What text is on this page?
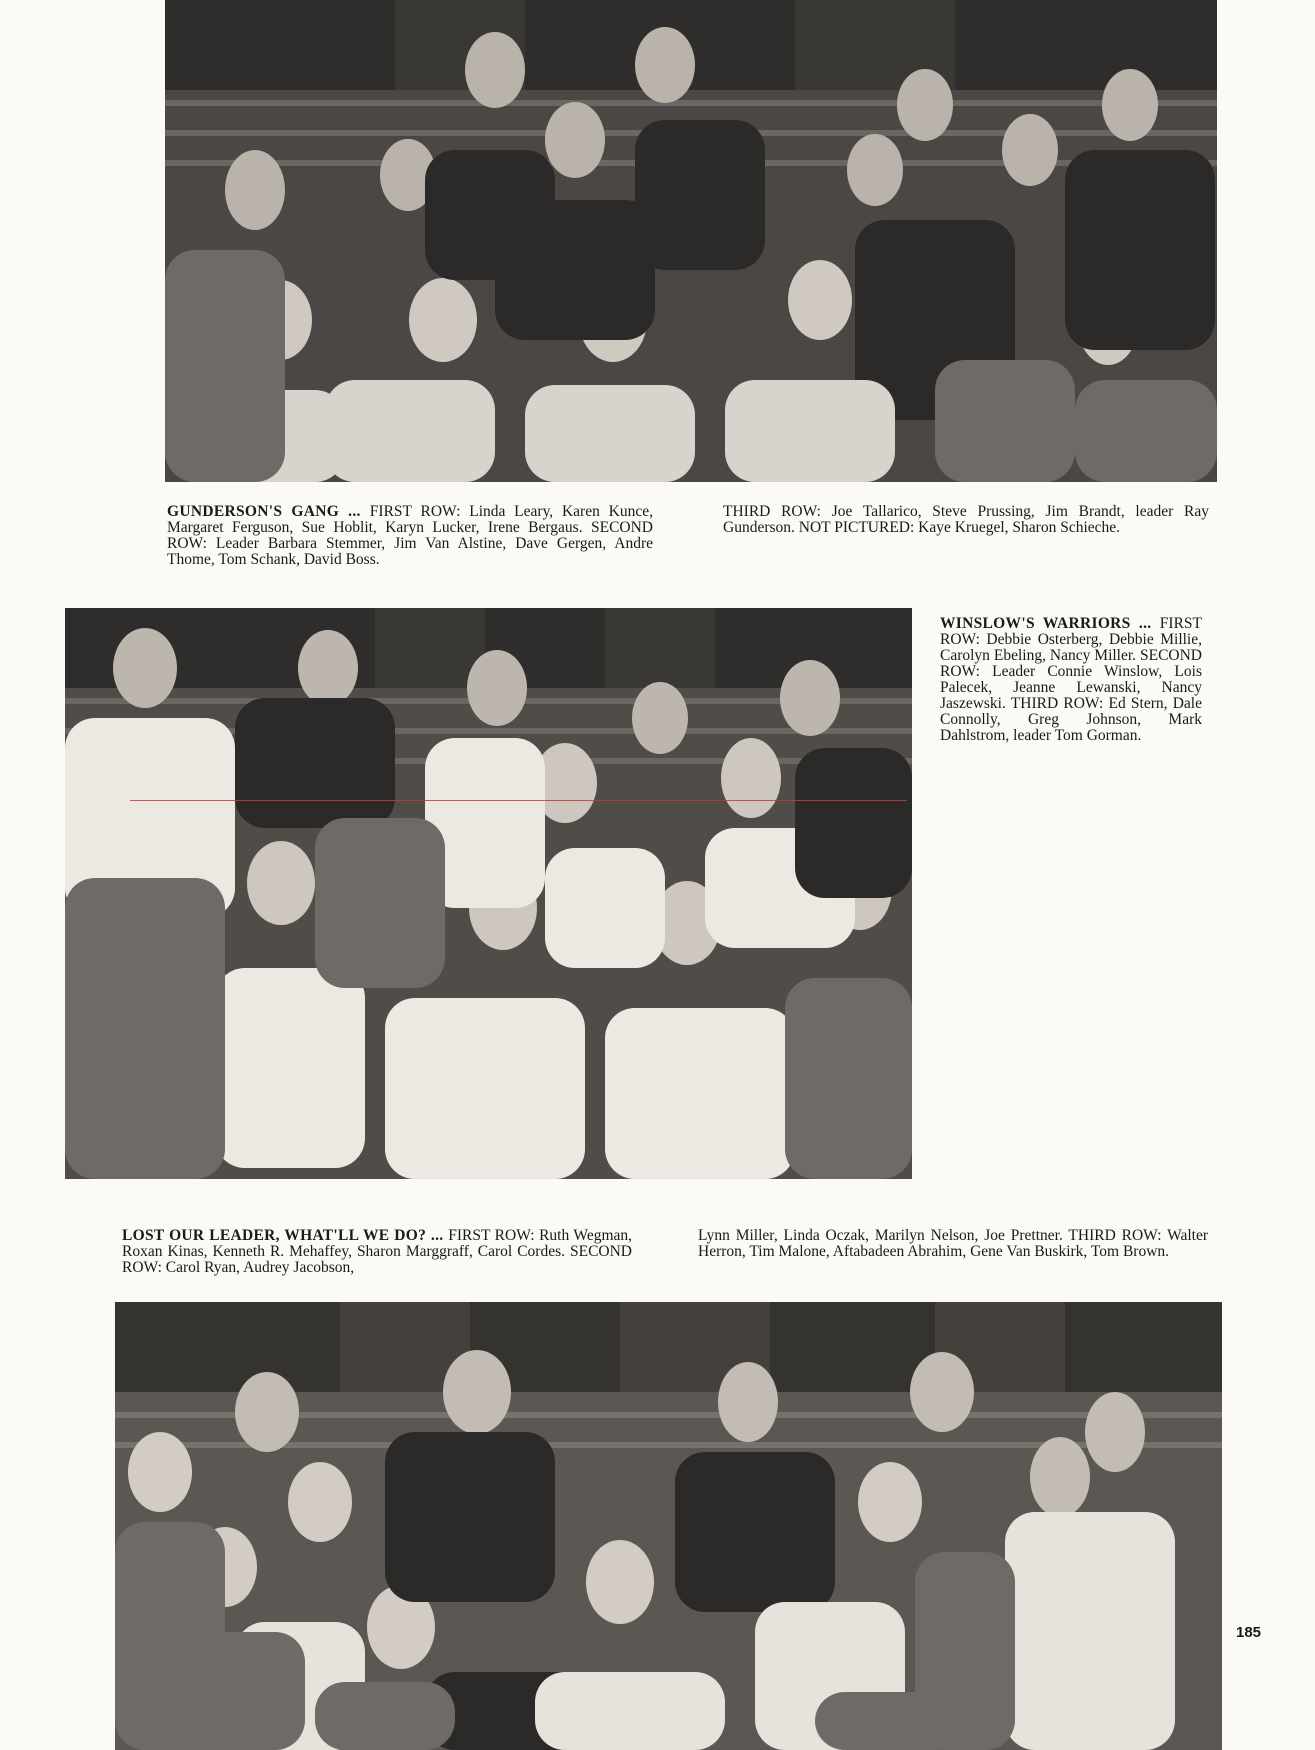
GUNDERSON'S GANG ... FIRST ROW: Linda Leary, Karen Kunce, Margaret Ferguson, Sue Hoblit, Karyn Lucker, Irene Bergaus. SECOND ROW: Leader Barbara Stemmer, Jim Van Alstine, Dave Gergen, Andre Thome, Tom Schank, David Boss.
THIRD ROW: Joe Tallarico, Steve Prussing, Jim Brandt, leader Ray Gunderson. NOT PICTURED: Kaye Kruegel, Sharon Schieche.
WINSLOW'S WARRIORS ... FIRST ROW: Debbie Osterberg, Debbie Millie, Carolyn Ebeling, Nancy Miller. SECOND ROW: Leader Connie Winslow, Lois Palecek, Jeanne Lewanski, Nancy Jaszewski. THIRD ROW: Ed Stern, Dale Connolly, Greg Johnson, Mark Dahlstrom, leader Tom Gorman.
LOST OUR LEADER, WHAT'LL WE DO? ... FIRST ROW: Ruth Wegman, Roxan Kinas, Kenneth R. Mehaffey, Sharon Marggraff, Carol Cordes. SECOND ROW: Carol Ryan, Audrey Jacobson,
Lynn Miller, Linda Oczak, Marilyn Nelson, Joe Prettner. THIRD ROW: Walter Herron, Tim Malone, Aftabadeen Abrahim, Gene Van Buskirk, Tom Brown.
185
